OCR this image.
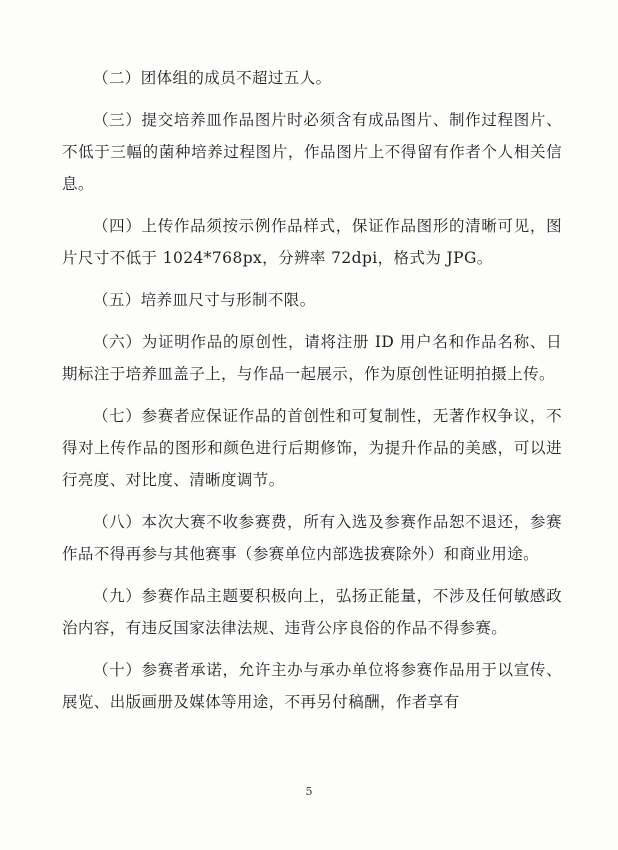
（二）团体组的成员不超过五人。

（三）提交培养皿作品图片时必须含有成品图片、制作过程图片、不低于三幅的菌种培养过程图片，作品图片上不得留有作者个人相关信息。

（四）上传作品须按示例作品样式，保证作品图形的清晰可见，图片尺寸不低于 1024*768px，分辨率 72dpi，格式为 JPG。

（五）培养皿尺寸与形制不限。

（六）为证明作品的原创性，请将注册 ID 用户名和作品名称、日期标注于培养皿盖子上，与作品一起展示，作为原创性证明拍摄上传。

（七）参赛者应保证作品的首创性和可复制性，无著作权争议，不得对上传作品的图形和颜色进行后期修饰，为提升作品的美感，可以进行亮度、对比度、清晰度调节。

（八）本次大赛不收参赛费，所有入选及参赛作品恕不退还，参赛作品不得再参与其他赛事（参赛单位内部选拔赛除外）和商业用途。

（九）参赛作品主题要积极向上，弘扬正能量，不涉及任何敏感政治内容，有违反国家法律法规、违背公序良俗的作品不得参赛。

（十）参赛者承诺，允许主办与承办单位将参赛作品用于以宣传、展览、出版画册及媒体等用途，不再另付稿酬，作者享有

5
